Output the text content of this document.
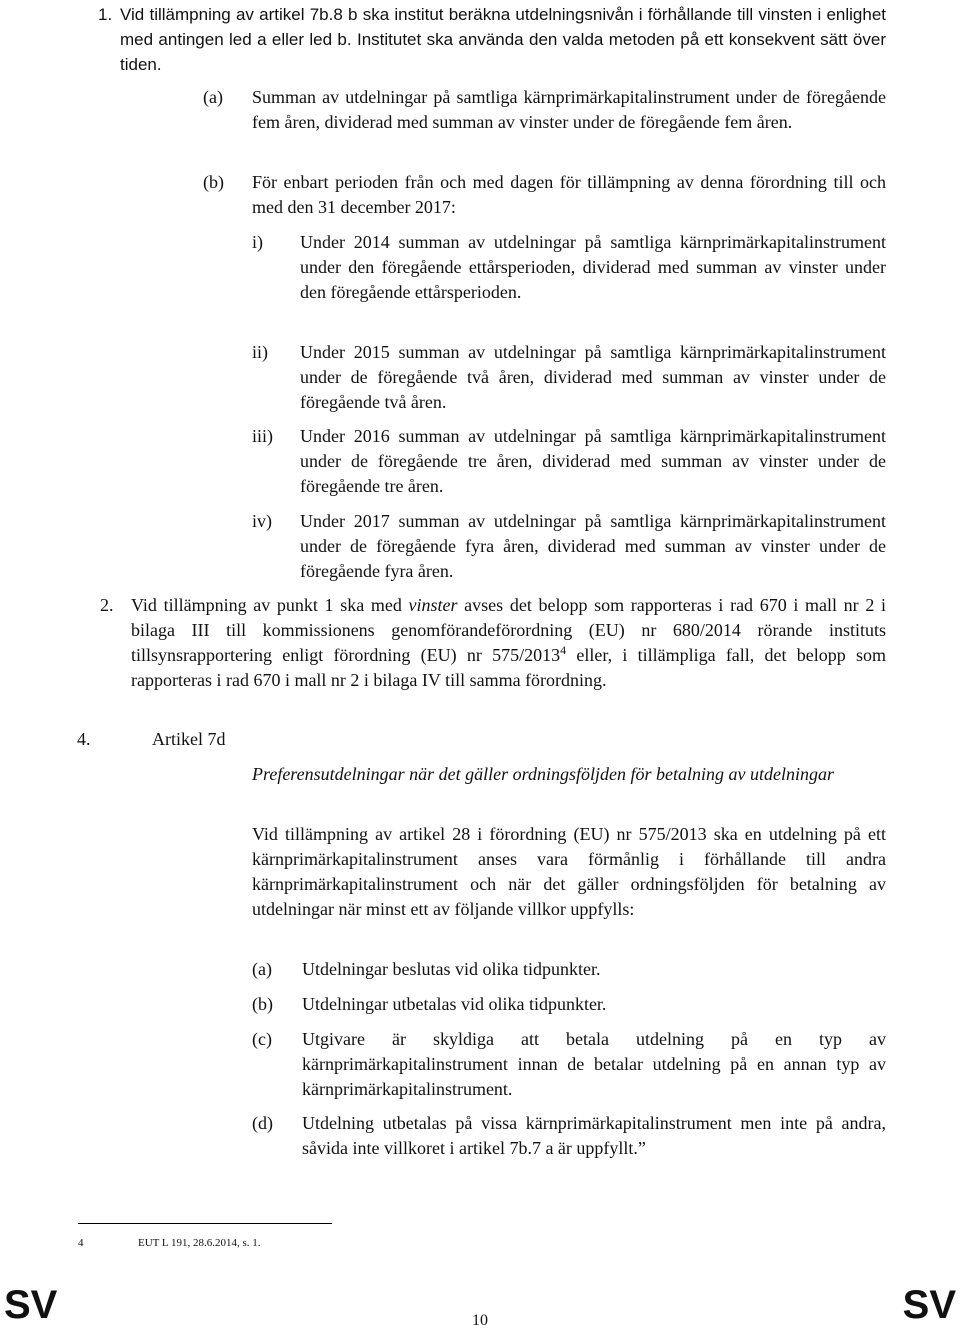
1. Vid tillämpning av artikel 7b.8 b ska institut beräkna utdelningsnivån i förhållande till vinsten i enlighet med antingen led a eller led b. Institutet ska använda den valda metoden på ett konsekvent sätt över tiden.
(a) Summan av utdelningar på samtliga kärnprimärkapitalinstrument under de föregående fem åren, dividerad med summan av vinster under de föregående fem åren.
(b) För enbart perioden från och med dagen för tillämpning av denna förordning till och med den 31 december 2017:
i) Under 2014 summan av utdelningar på samtliga kärnprimärkapitalinstrument under den föregående ettårsperioden, dividerad med summan av vinster under den föregående ettårsperioden.
ii) Under 2015 summan av utdelningar på samtliga kärnprimärkapitalinstrument under de föregående två åren, dividerad med summan av vinster under de föregående två åren.
iii) Under 2016 summan av utdelningar på samtliga kärnprimärkapitalinstrument under de föregående tre åren, dividerad med summan av vinster under de föregående tre åren.
iv) Under 2017 summan av utdelningar på samtliga kärnprimärkapitalinstrument under de föregående fyra åren, dividerad med summan av vinster under de föregående fyra åren.
2. Vid tillämpning av punkt 1 ska med vinster avses det belopp som rapporteras i rad 670 i mall nr 2 i bilaga III till kommissionens genomförandeförordning (EU) nr 680/2014 rörande instituts tillsynsrapportering enligt förordning (EU) nr 575/2013$^4$ eller, i tillämpliga fall, det belopp som rapporteras i rad 670 i mall nr 2 i bilaga IV till samma förordning.
4.	Artikel 7d
Preferensutdelningar när det gäller ordningsföljden för betalning av utdelningar
Vid tillämpning av artikel 28 i förordning (EU) nr 575/2013 ska en utdelning på ett kärnprimärkapitalinstrument anses vara förmånlig i förhållande till andra kärnprimärkapitalinstrument och när det gäller ordningsföljden för betalning av utdelningar när minst ett av följande villkor uppfylls:
(a) Utdelningar beslutas vid olika tidpunkter.
(b) Utdelningar utbetalas vid olika tidpunkter.
(c) Utgivare är skyldiga att betala utdelning på en typ av kärnprimärkapitalinstrument innan de betalar utdelning på en annan typ av kärnprimärkapitalinstrument.
(d) Utdelning utbetalas på vissa kärnprimärkapitalinstrument men inte på andra, såvida inte villkoret i artikel 7b.7 a är uppfyllt.”
4	EUT L 191, 28.6.2014, s. 1.
SV	10	SV
